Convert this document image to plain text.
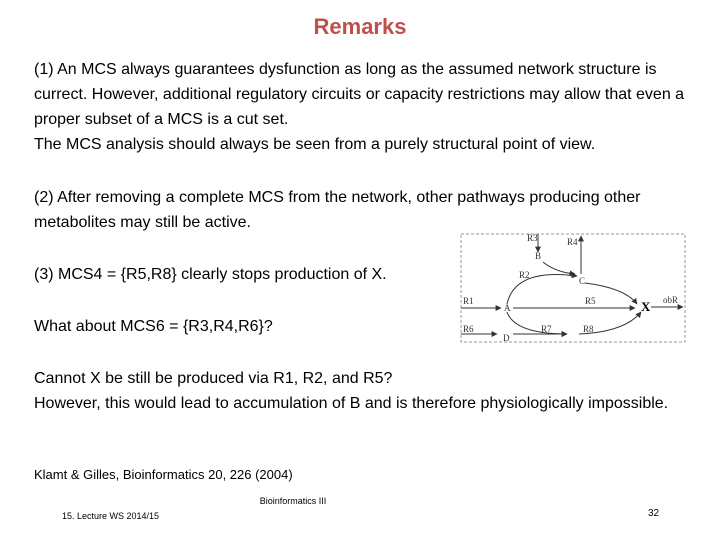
Remarks

(1) An MCS always guarantees dysfunction as long as the assumed network structure is currect. However, additional regulatory circuits or capacity restrictions may allow that even a proper subset of a MCS is a cut set.

The MCS analysis should always be seen from a purely structural point of view.

(2) After removing a complete MCS from the network, other pathways producing other metabolites may still be active.

(3) MCS4 = {R5,R8} clearly stops production of X.

What about MCS6 = {R3,R4,R6}?

Cannot X be still be produced via R1, R2, and R5?

However, this would lead to accumulation of B and is therefore physiologically impossible.

R3	R4
B
R2
C
R1
A
R5	X obR
R6
D
R7	R8
Klamt & Gilles, Bioinformatics 20, 226 (2004)
Bioinformatics III
15. Lecture WS 2014/15	32
